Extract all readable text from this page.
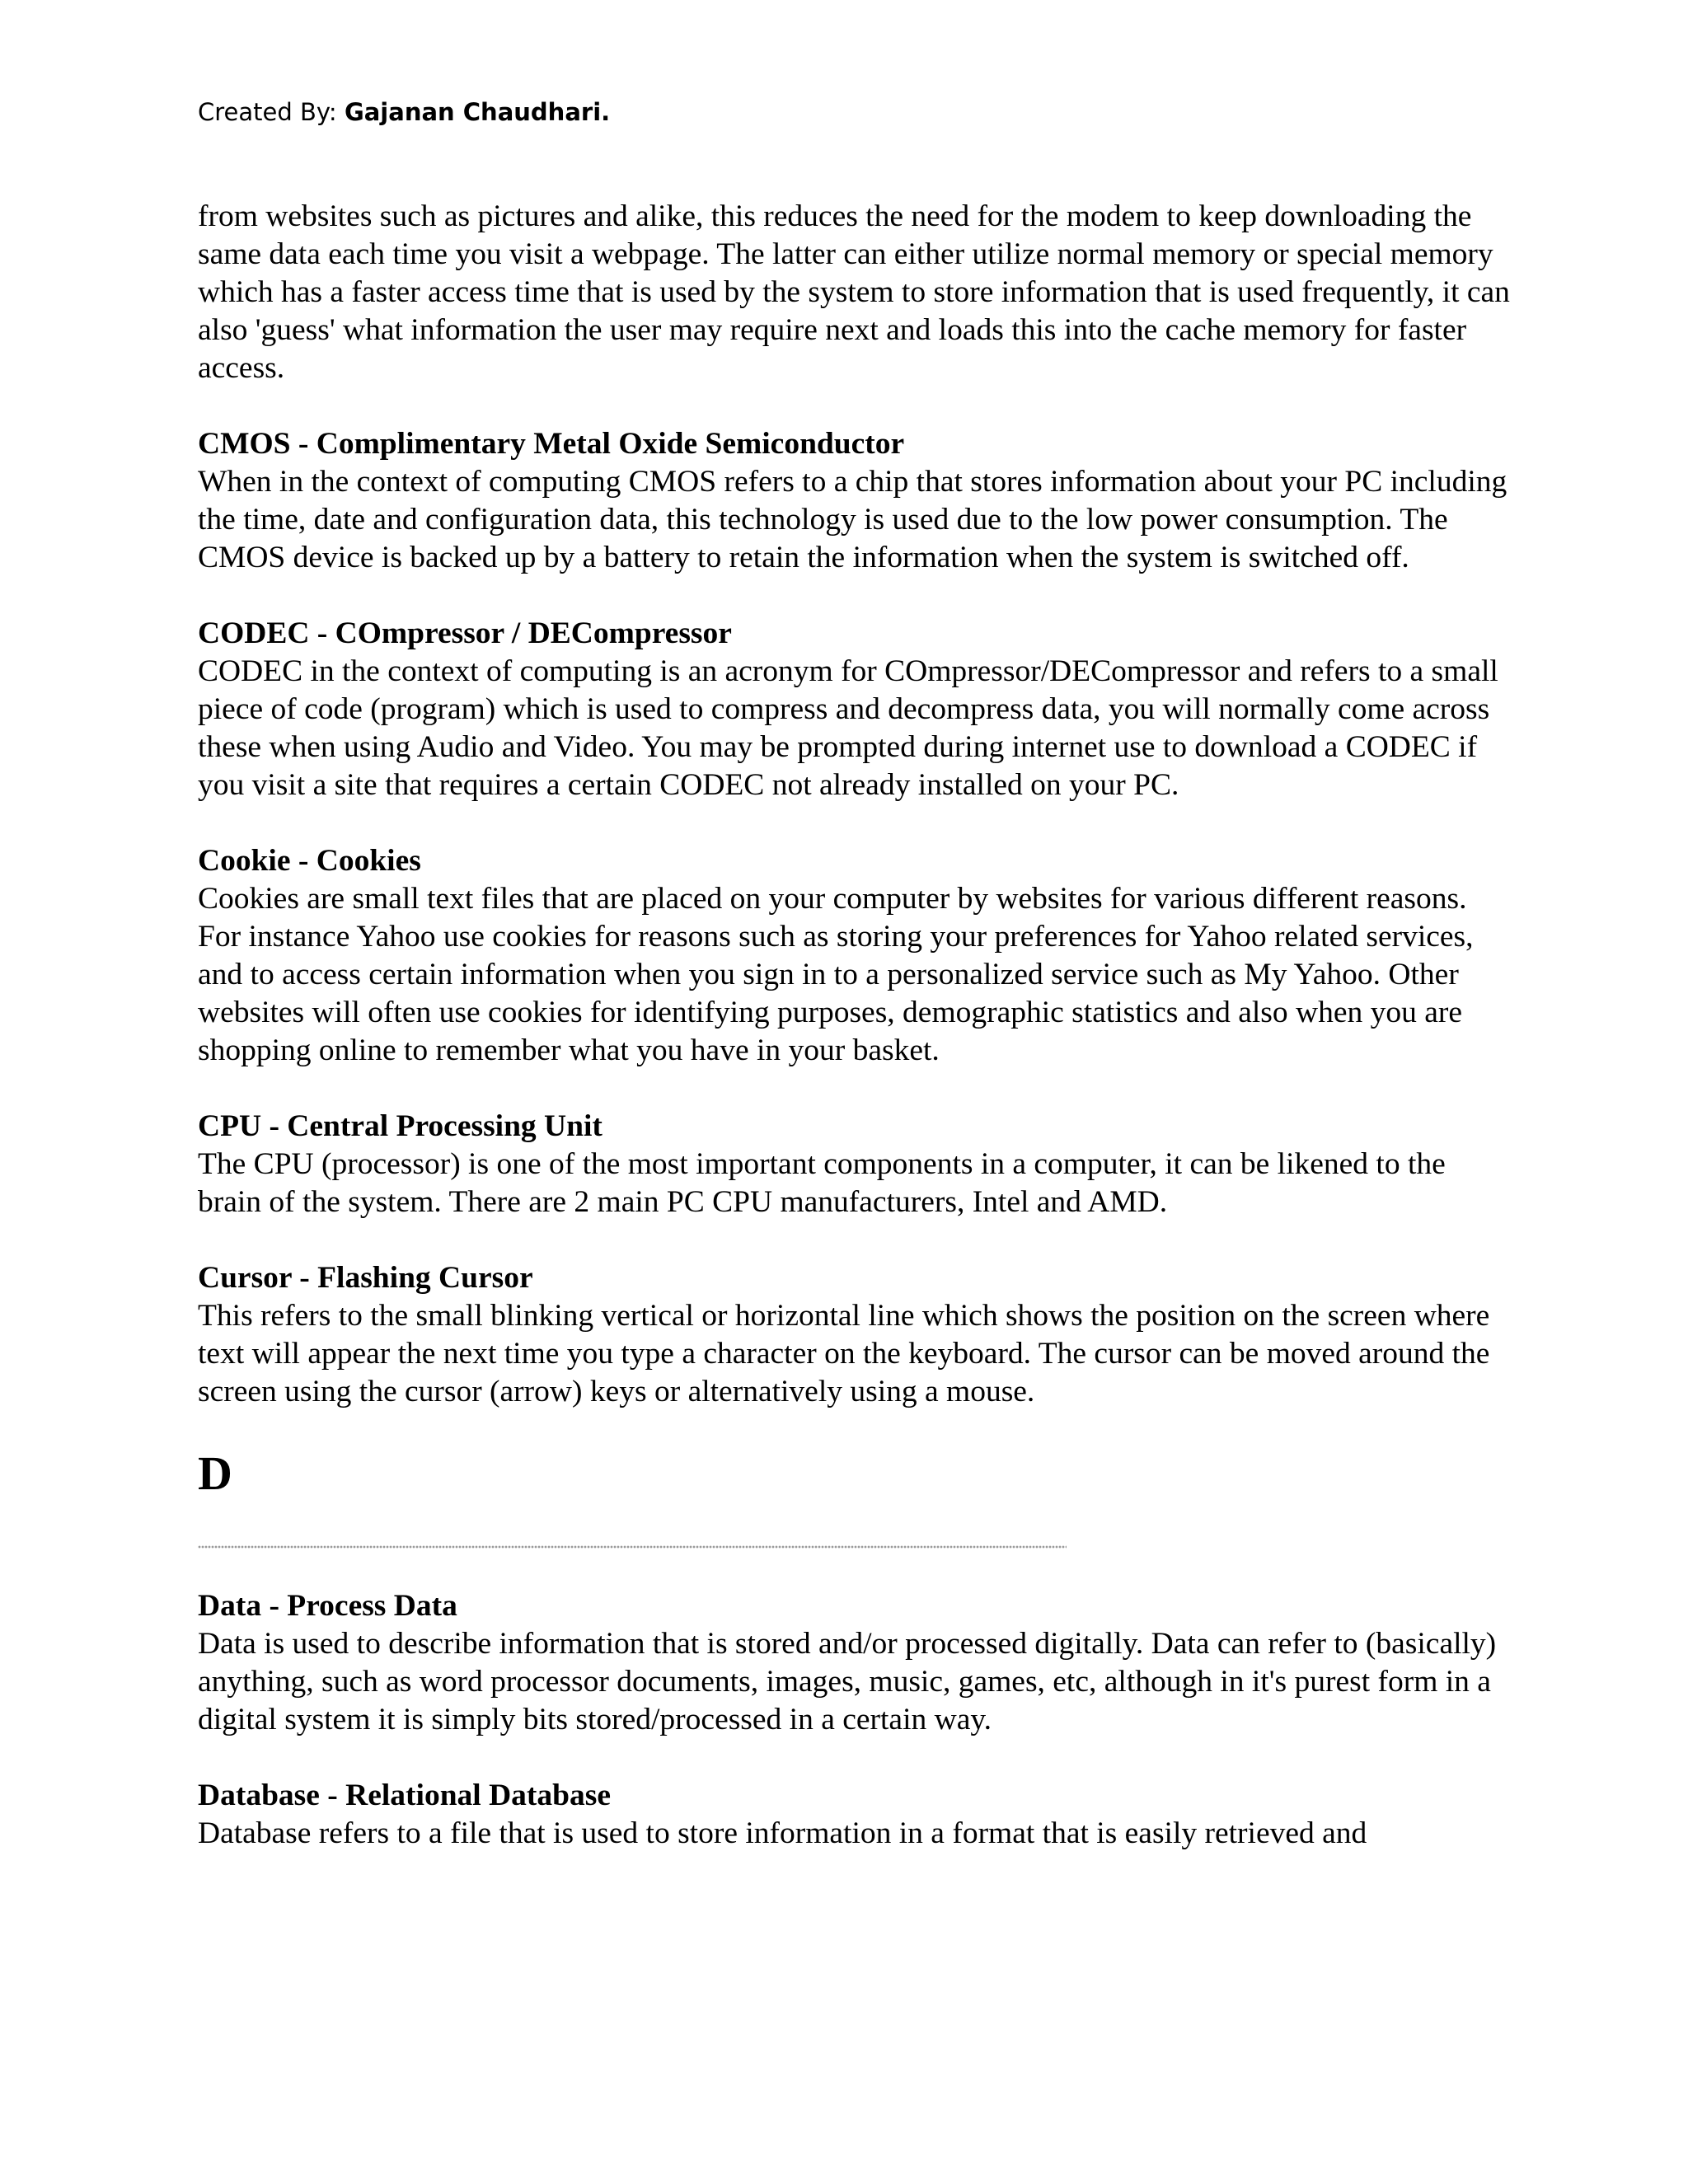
Created By: Gajanan Chaudhari.

from websites such as pictures and alike, this reduces the need for the modem to keep downloading the same data each time you visit a webpage. The latter can either utilize normal memory or special memory which has a faster access time that is used by the system to store information that is used frequently, it can also 'guess' what information the user may require next and loads this into the cache memory for faster access.

CMOS - Complimentary Metal Oxide Semiconductor

When in the context of computing CMOS refers to a chip that stores information about your PC including the time, date and configuration data, this technology is used due to the low power consumption. The CMOS device is backed up by a battery to retain the information when the system is switched off.

CODEC - COmpressor / DECompressor

CODEC in the context of computing is an acronym for COmpressor/DECompressor and refers to a small piece of code (program) which is used to compress and decompress data, you will normally come across these when using Audio and Video. You may be prompted during internet use to download a CODEC if you visit a site that requires a certain CODEC not already installed on your PC.

Cookie - Cookies

Cookies are small text files that are placed on your computer by websites for various different reasons. For instance Yahoo use cookies for reasons such as storing your preferences for Yahoo related services, and to access certain information when you sign in to a personalized service such as My Yahoo. Other websites will often use cookies for identifying purposes, demographic statistics and also when you are shopping online to remember what you have in your basket.

CPU - Central Processing Unit

The CPU (processor) is one of the most important components in a computer, it can be likened to the brain of the system. There are 2 main PC CPU manufacturers, Intel and AMD.

Cursor - Flashing Cursor

This refers to the small blinking vertical or horizontal line which shows the position on the screen where text will appear the next time you type a character on the keyboard. The cursor can be moved around the screen using the cursor (arrow) keys or alternatively using a mouse.

D
Data - Process Data

Data is used to describe information that is stored and/or processed digitally. Data can refer to (basically) anything, such as word processor documents, images, music, games, etc, although in it's purest form in a digital system it is simply bits stored/processed in a certain way.

Database - Relational Database

Database refers to a file that is used to store information in a format that is easily retrieved and
